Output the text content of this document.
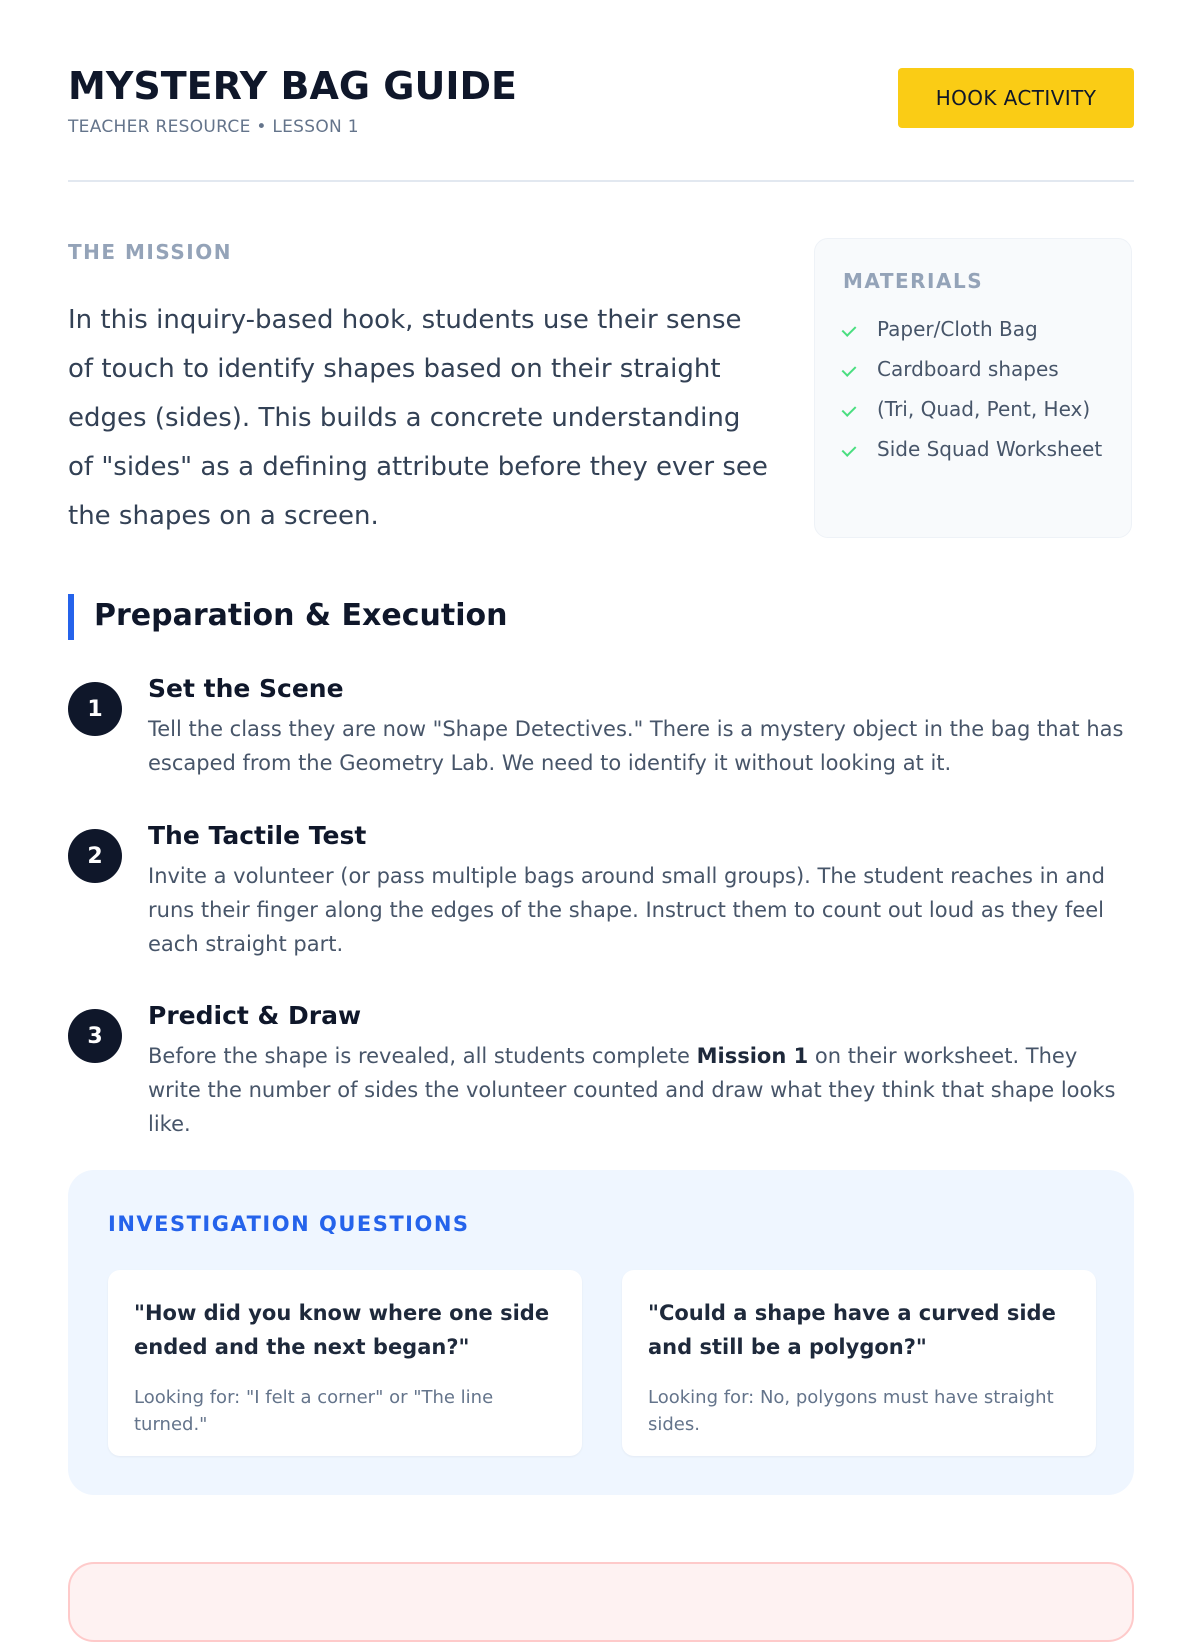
MYSTERY BAG GUIDE
TEACHER RESOURCE • LESSON 1
HOOK ACTIVITY
THE MISSION

In this inquiry-based hook, students use their sense of touch to identify shapes based on their straight edges (sides). This builds a concrete understanding of "sides" as a defining attribute before they ever see the shapes on a screen.

MATERIALS
Paper/Cloth Bag
Cardboard shapes
(Tri, Quad, Pent, Hex)
Side Squad Worksheet
Preparation & Execution
1
Set the Scene

Tell the class they are now "Shape Detectives." There is a mystery object in the bag that has escaped from the Geometry Lab. We need to identify it without looking at it.

2
The Tactile Test

Invite a volunteer (or pass multiple bags around small groups). The student reaches in and runs their finger along the edges of the shape. Instruct them to count out loud as they feel each straight part.

3
Predict & Draw

Before the shape is revealed, all students complete Mission 1 on their worksheet. They write the number of sides the volunteer counted and draw what they think that shape looks like.

INVESTIGATION QUESTIONS

"How did you know where one side ended and the next began?"

Looking for: "I felt a corner" or "The line turned."

"Could a shape have a curved side and still be a polygon?"

Looking for: No, polygons must have straight sides.
